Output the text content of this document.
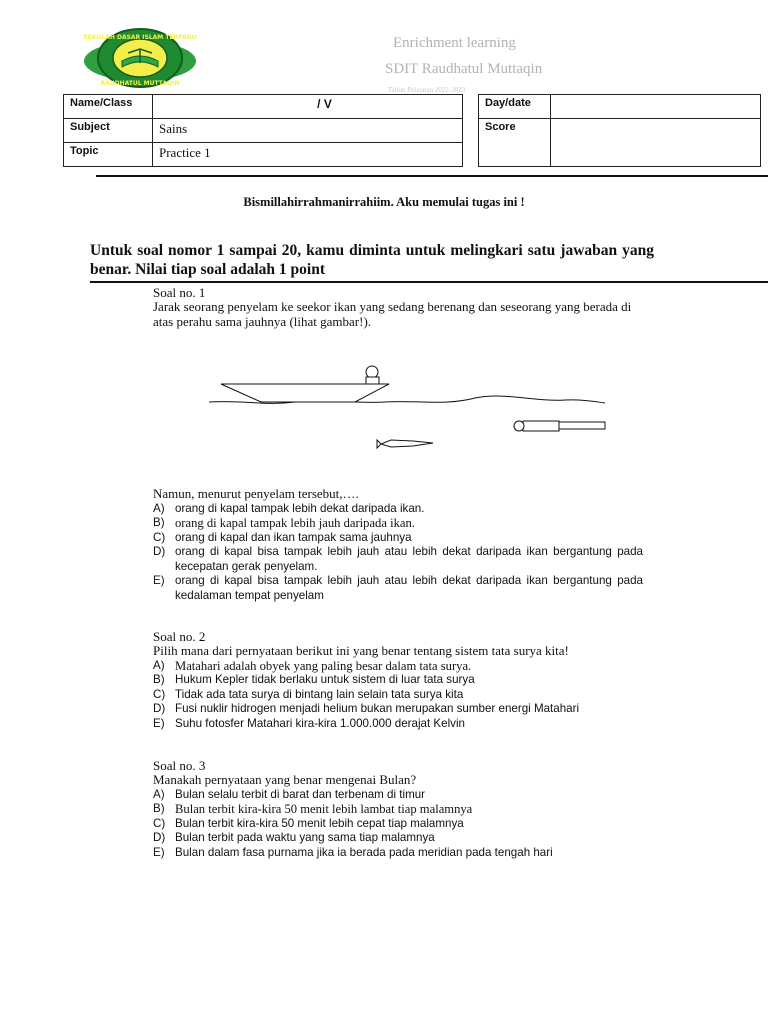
SEKOLAH DASAR ISLAM TERPADU
RAUDHATUL MUTTAQIN
Enrichment learning
SDIT Raudhatul Muttaqin
Tahun Pelajaran 2022-2023
Name/Class	/ V
Subject	Sains
Topic	Practice 1
Day/date	
Score	
Bismillahirrahmanirrahiim. Aku memulai tugas ini !
Untuk soal nomor 1 sampai 20, kamu diminta untuk melingkari satu jawaban yang benar. Nilai tiap soal adalah 1 point
Soal no. 1
Jarak seorang penyelam ke seekor ikan yang sedang berenang dan seseorang yang berada di atas perahu sama jauhnya (lihat gambar!).
Namun, menurut penyelam tersebut,….
A) orang di kapal tampak lebih dekat daripada ikan.
B) orang di kapal tampak lebih jauh daripada ikan.
C) orang di kapal dan ikan tampak sama jauhnya
D) orang di kapal bisa tampak lebih jauh atau lebih dekat daripada ikan bergantung pada kecepatan gerak penyelam.
E) orang di kapal bisa tampak lebih jauh atau lebih dekat daripada ikan bergantung pada kedalaman tempat penyelam
Soal no. 2
Pilih mana dari pernyataan berikut ini yang benar tentang sistem tata surya kita!
A) Matahari adalah obyek yang paling besar dalam tata surya.
B) Hukum Kepler tidak berlaku untuk sistem di luar tata surya
C) Tidak ada tata surya di bintang lain selain tata surya kita
D) Fusi nuklir hidrogen menjadi helium bukan merupakan sumber energi Matahari
E) Suhu fotosfer Matahari kira-kira 1.000.000 derajat Kelvin
Soal no. 3
Manakah pernyataan yang benar mengenai Bulan?
A) Bulan selalu terbit di barat dan terbenam di timur
B) Bulan terbit kira-kira 50 menit lebih lambat tiap malamnya
C) Bulan terbit kira-kira 50 menit lebih cepat tiap malamnya
D) Bulan terbit pada waktu yang sama tiap malamnya
E) Bulan dalam fasa purnama jika ia berada pada meridian pada tengah hari
